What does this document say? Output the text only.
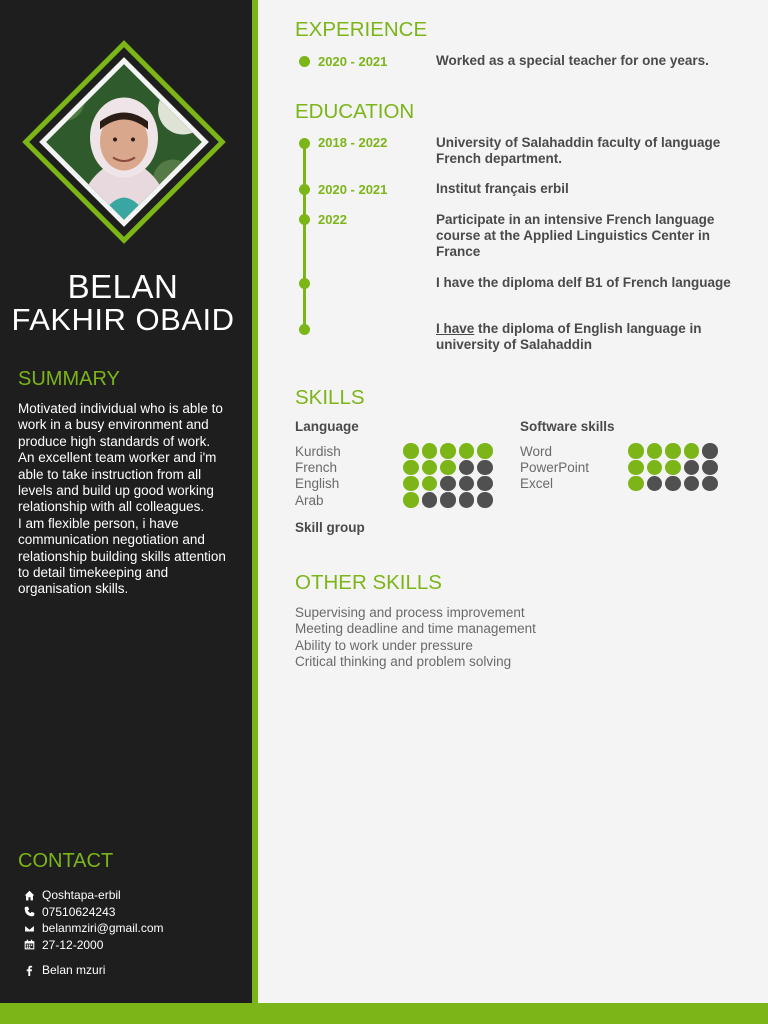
BELAN
FAKHIR OBAID
SUMMARY
Motivated individual who is able to work in a busy environment and produce high standards of work.
An excellent team worker and i'm able to take instruction from all levels and build up good working relationship with all colleagues.
I am flexible person, i have communication negotiation and relationship building skills attention to detail timekeeping and organisation skills.
CONTACT
Qoshtapa-erbil
07510624243
belanmziri@gmail.com
27-12-2000
Belan mzuri
EXPERIENCE
2020 - 2021	Worked as a special teacher for one years.
EDUCATION
2018 - 2022	University of Salahaddin faculty of language French department.
2020 - 2021	Institut français erbil
2022	Participate in an intensive French language course at the Applied Linguistics Center in France
I have the diploma delf B1 of French language
I have the diploma of English language in university of Salahaddin
SKILLS
Language	Software skills
Kurdish
French
English
Arab
Word
PowerPoint
Excel
Skill group
OTHER SKILLS
Supervising and process improvement
Meeting deadline and time management
Ability to work under pressure
Critical thinking and problem solving
